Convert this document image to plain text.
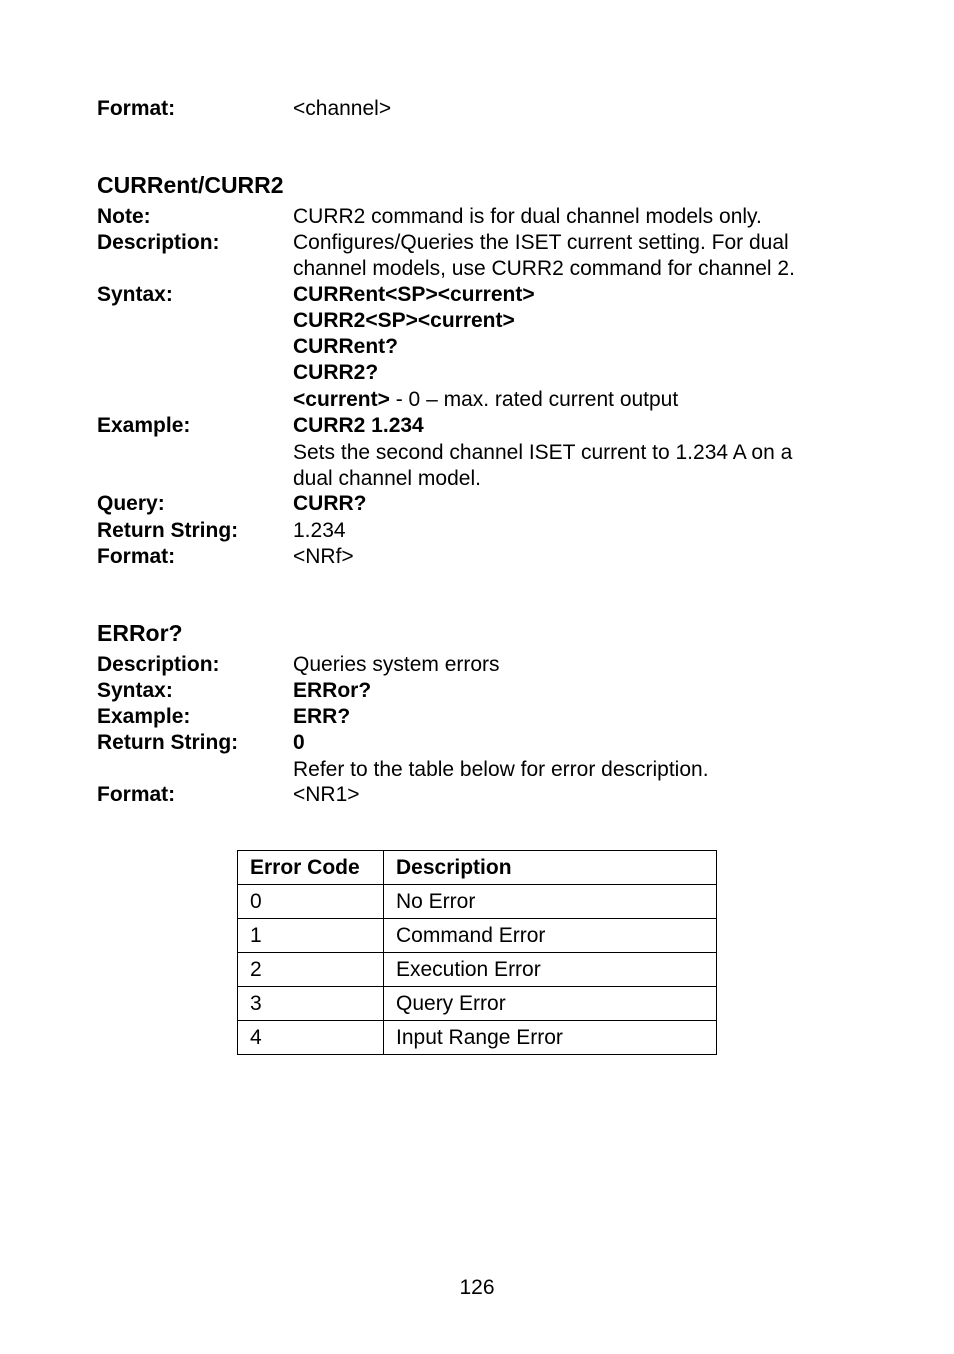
Format:	<channel>
CURRent/CURR2
Note:	CURR2 command is for dual channel models only.
Description:	Configures/Queries the ISET current setting. For dual
channel models, use CURR2 command for channel 2.
Syntax:	CURRent<SP><current>
CURR2<SP><current>
CURRent?
CURR2?
<current> - 0 – max. rated current output
Example:	CURR2 1.234
Sets the second channel ISET current to 1.234 A on a
dual channel model.
Query:	CURR?
Return String:	1.234
Format:	<NRf>
ERRor?
Description:	Queries system errors
Syntax:	ERRor?
Example:	ERR?
Return String:	0
Refer to the table below for error description.
Format:	<NR1>
Error Code	Description
0	No Error
1	Command Error
2	Execution Error
3	Query Error
4	Input Range Error
126
